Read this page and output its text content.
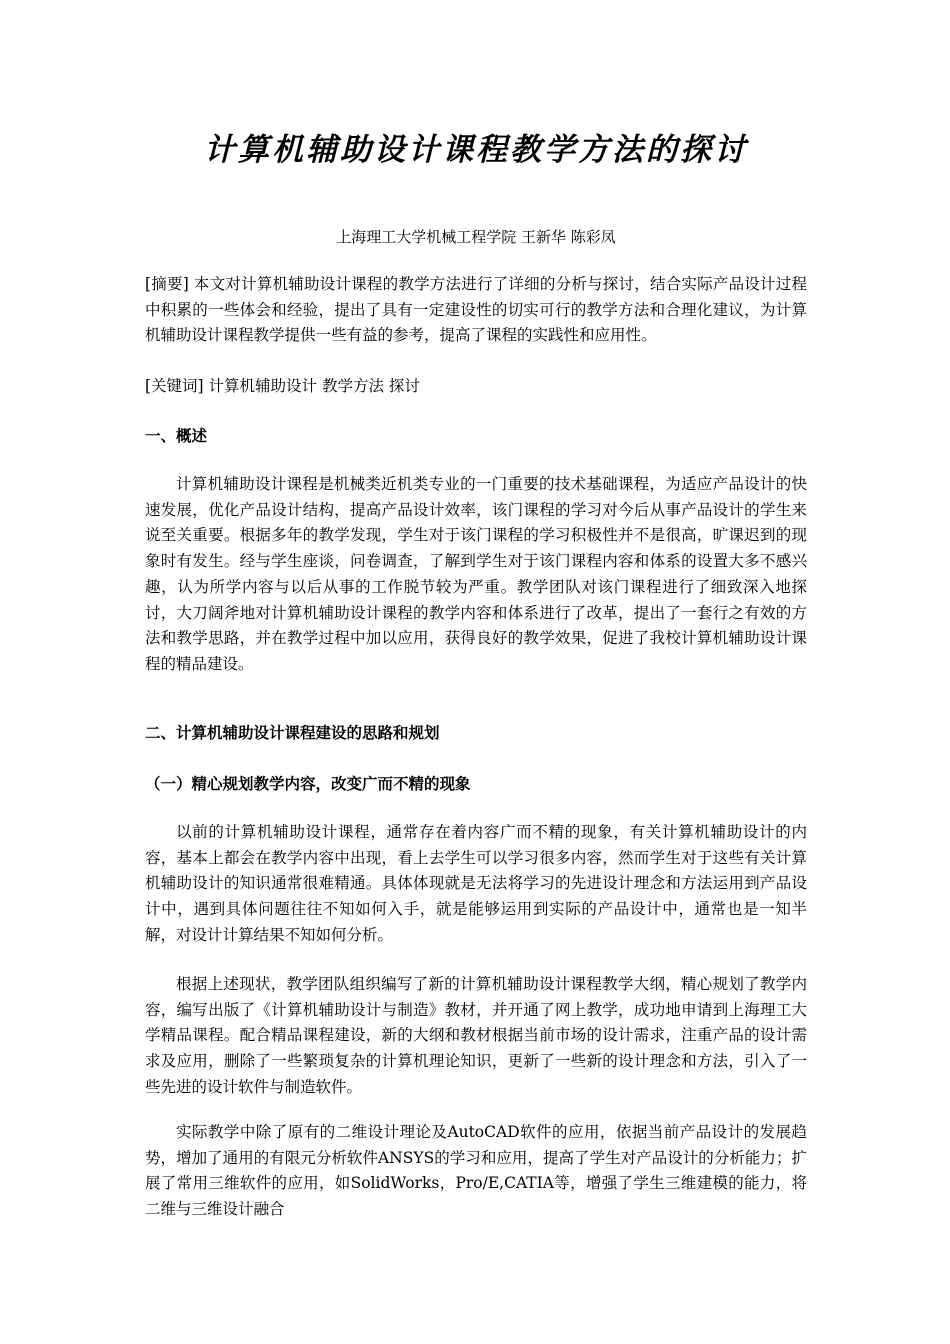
计算机辅助设计课程教学方法的探讨

上海理工大学机械工程学院 王新华 陈彩凤

[摘要] 本文对计算机辅助设计课程的教学方法进行了详细的分析与探讨，结合实际产品设计过程中积累的一些体会和经验，提出了具有一定建设性的切实可行的教学方法和合理化建议，为计算机辅助设计课程教学提供一些有益的参考，提高了课程的实践性和应用性。

[关键词] 计算机辅助设计 教学方法 探讨

一、概述

计算机辅助设计课程是机械类近机类专业的一门重要的技术基础课程，为适应产品设计的快速发展，优化产品设计结构，提高产品设计效率，该门课程的学习对今后从事产品设计的学生来说至关重要。根据多年的教学发现，学生对于该门课程的学习积极性并不是很高，旷课迟到的现象时有发生。经与学生座谈，问卷调查，了解到学生对于该门课程内容和体系的设置大多不感兴趣，认为所学内容与以后从事的工作脱节较为严重。教学团队对该门课程进行了细致深入地探讨，大刀阔斧地对计算机辅助设计课程的教学内容和体系进行了改革，提出了一套行之有效的方法和教学思路，并在教学过程中加以应用，获得良好的教学效果，促进了我校计算机辅助设计课程的精品建设。

二、计算机辅助设计课程建设的思路和规划
（一）精心规划教学内容，改变广而不精的现象

以前的计算机辅助设计课程，通常存在着内容广而不精的现象，有关计算机辅助设计的内容，基本上都会在教学内容中出现，看上去学生可以学习很多内容，然而学生对于这些有关计算机辅助设计的知识通常很难精通。具体体现就是无法将学习的先进设计理念和方法运用到产品设计中，遇到具体问题往往不知如何入手，就是能够运用到实际的产品设计中，通常也是一知半解，对设计计算结果不知如何分析。

根据上述现状，教学团队组织编写了新的计算机辅助设计课程教学大纲，精心规划了教学内容，编写出版了《计算机辅助设计与制造》教材，并开通了网上教学，成功地申请到上海理工大学精品课程。配合精品课程建设，新的大纲和教材根据当前市场的设计需求，注重产品的设计需求及应用，删除了一些繁琐复杂的计算机理论知识，更新了一些新的设计理念和方法，引入了一些先进的设计软件与制造软件。

实际教学中除了原有的二维设计理论及AutoCAD软件的应用，依据当前产品设计的发展趋势，增加了通用的有限元分析软件ANSYS的学习和应用，提高了学生对产品设计的分析能力；扩展了常用三维软件的应用，如SolidWorks，Pro/E,CATIA等，增强了学生三维建模的能力，将二维与三维设计融合
